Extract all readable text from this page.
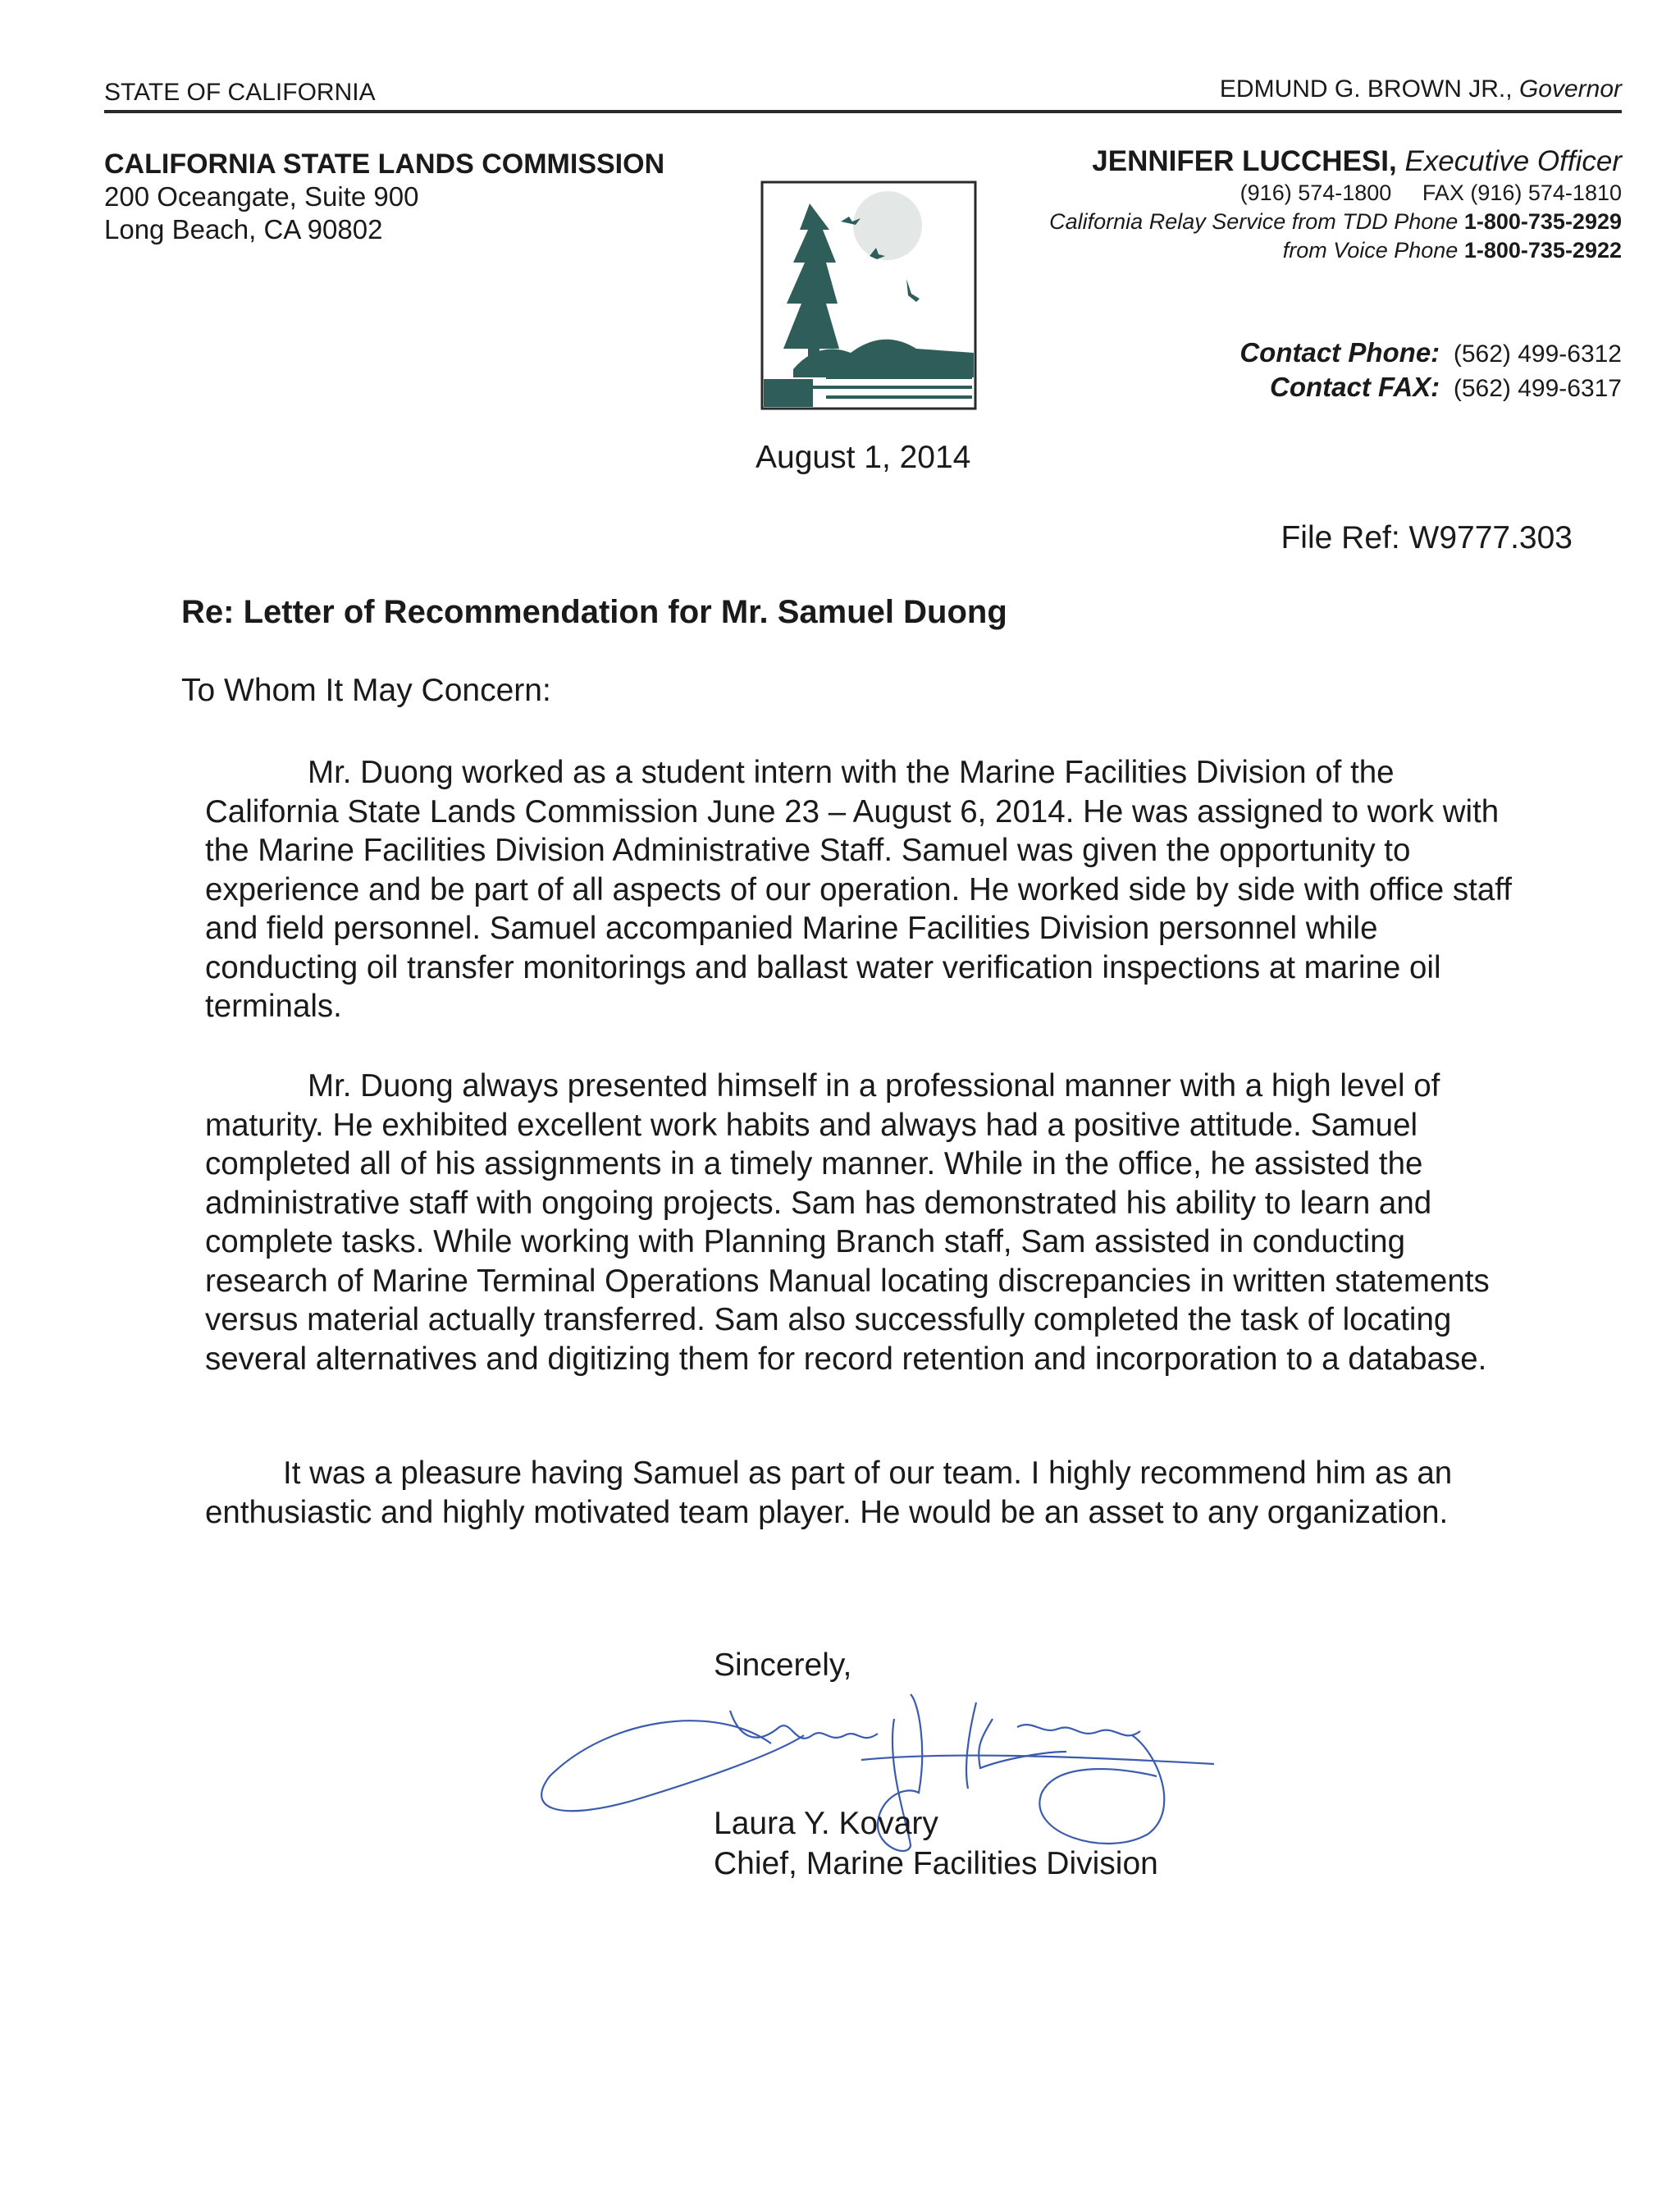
STATE OF CALIFORNIA	EDMUND G. BROWN JR., Governor
CALIFORNIA STATE LANDS COMMISSION
200 Oceangate, Suite 900
Long Beach, CA 90802
JENNIFER LUCCHESI, Executive Officer
(916) 574-1800 FAX (916) 574-1810
California Relay Service from TDD Phone 1-800-735-2929
from Voice Phone 1-800-735-2922
Contact Phone: (562) 499-6312
Contact FAX: (562) 499-6317
August 1, 2014
File Ref: W9777.303
Re: Letter of Recommendation for Mr. Samuel Duong
To Whom It May Concern:

Mr. Duong worked as a student intern with the Marine Facilities Division of the California State Lands Commission June 23 – August 6, 2014. He was assigned to work with the Marine Facilities Division Administrative Staff. Samuel was given the opportunity to experience and be part of all aspects of our operation. He worked side by side with office staff and field personnel. Samuel accompanied Marine Facilities Division personnel while conducting oil transfer monitorings and ballast water verification inspections at marine oil terminals.

Mr. Duong always presented himself in a professional manner with a high level of maturity. He exhibited excellent work habits and always had a positive attitude. Samuel completed all of his assignments in a timely manner. While in the office, he assisted the administrative staff with ongoing projects. Sam has demonstrated his ability to learn and complete tasks. While working with Planning Branch staff, Sam assisted in conducting research of Marine Terminal Operations Manual locating discrepancies in written statements versus material actually transferred. Sam also successfully completed the task of locating several alternatives and digitizing them for record retention and incorporation to a database.

It was a pleasure having Samuel as part of our team. I highly recommend him as an enthusiastic and highly motivated team player. He would be an asset to any organization.

Sincerely,
Laura Y. Kovary
Chief, Marine Facilities Division
